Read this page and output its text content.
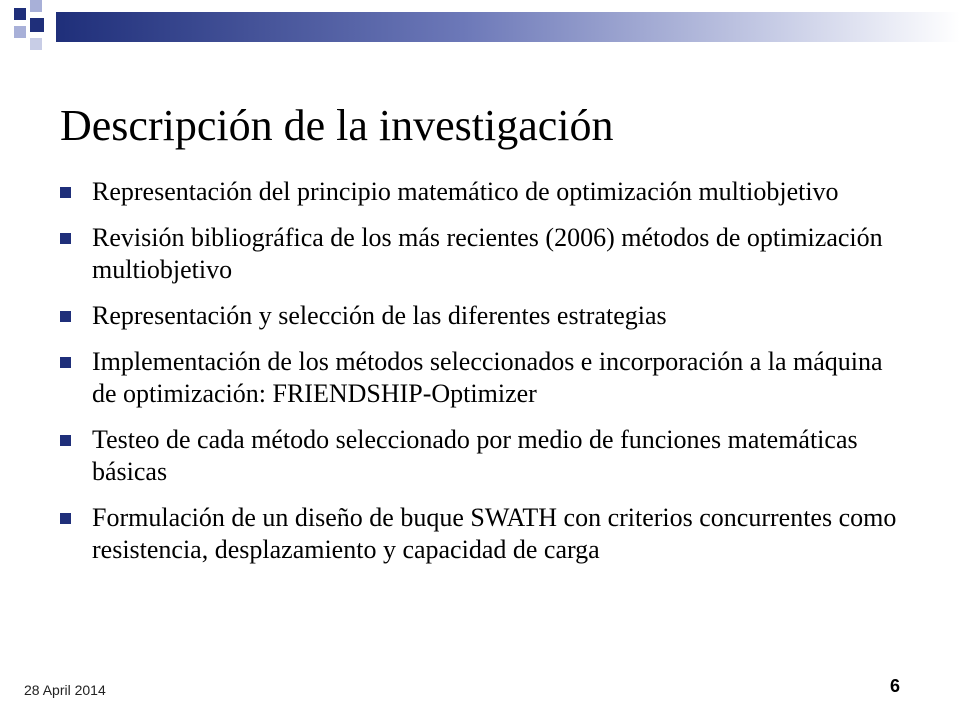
Descripción de la investigación
Representación del principio matemático de optimización multiobjetivo
Revisión bibliográfica de los más recientes (2006) métodos de optimización multiobjetivo
Representación y selección de las diferentes estrategias
Implementación de los métodos seleccionados e incorporación a la máquina de optimización: FRIENDSHIP-Optimizer
Testeo de cada método seleccionado por medio de funciones matemáticas básicas
Formulación de un diseño de buque SWATH con criterios concurrentes como resistencia, desplazamiento y capacidad de carga
28 April 2014	6
